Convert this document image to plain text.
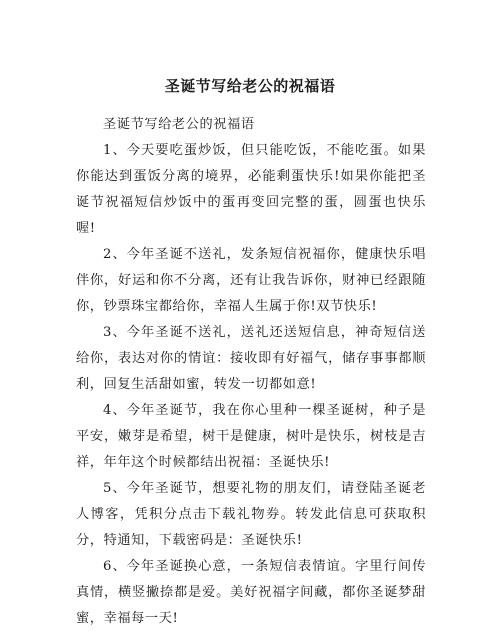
圣诞节写给老公的祝福语

圣诞节写给老公的祝福语

1、今天要吃蛋炒饭，但只能吃饭，不能吃蛋。如果你能达到蛋饭分离的境界，必能剩蛋快乐!如果你能把圣诞节祝福短信炒饭中的蛋再变回完整的蛋，圆蛋也快乐喔!

2、今年圣诞不送礼，发条短信祝福你，健康快乐唱伴你，好运和你不分离，还有让我告诉你，财神已经跟随你，钞票珠宝都给你，幸福人生属于你!双节快乐!

3、今年圣诞不送礼，送礼还送短信息，神奇短信送给你，表达对你的情谊：接收即有好福气，储存事事都顺利，回复生活甜如蜜，转发一切都如意!

4、今年圣诞节，我在你心里种一棵圣诞树，种子是平安，嫩芽是希望，树干是健康，树叶是快乐，树枝是吉祥，年年这个时候都结出祝福：圣诞快乐!

5、今年圣诞节，想要礼物的朋友们，请登陆圣诞老人博客，凭积分点击下载礼物券。转发此信息可获取积分，特通知，下载密码是：圣诞快乐!

6、今年圣诞换心意，一条短信表情谊。字里行间传真情，横竖撇捺都是爱。美好祝福字间藏，都你圣诞梦甜蜜，幸福每一天!
